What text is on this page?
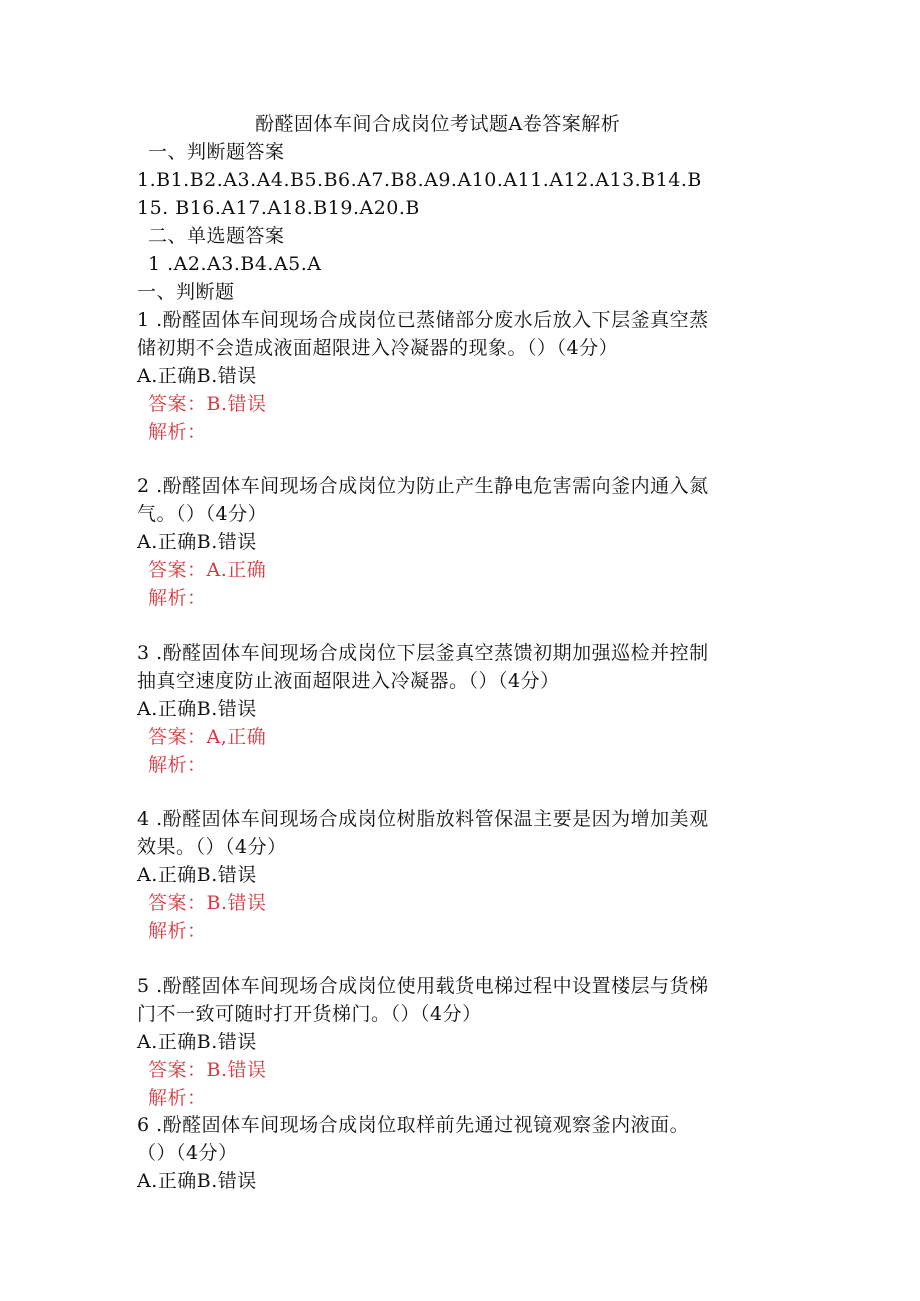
酚醛固体车间合成岗位考试题A卷答案解析
一、判断题答案
1.B1.B2.A3.A4.B5.B6.A7.B8.A9.A10.A11.A12.A13.B14.B
15. B16.A17.A18.B19.A20.B
二、单选题答案
1 .A2.A3.B4.A5.A
一、判断题
1 .酚醛固体车间现场合成岗位已蒸储部分废水后放入下层釜真空蒸
储初期不会造成液面超限进入冷凝器的现象。（）（4分）
A.正确B.错误
答案：B.错误
解析：
2 .酚醛固体车间现场合成岗位为防止产生静电危害需向釜内通入氮
气。（）（4分）
A.正确B.错误
答案：A.正确
解析：
3 .酚醛固体车间现场合成岗位下层釜真空蒸馈初期加强巡检并控制
抽真空速度防止液面超限进入冷凝器。（）（4分）
A.正确B.错误
答案：A,正确
解析：
4 .酚醛固体车间现场合成岗位树脂放料管保温主要是因为增加美观
效果。（）（4分）
A.正确B.错误
答案：B.错误
解析：
5 .酚醛固体车间现场合成岗位使用载货电梯过程中设置楼层与货梯
门不一致可随时打开货梯门。（）（4分）
A.正确B.错误
答案：B.错误
解析：
6 .酚醛固体车间现场合成岗位取样前先通过视镜观察釜内液面。
（）（4分）
A.正确B.错误
